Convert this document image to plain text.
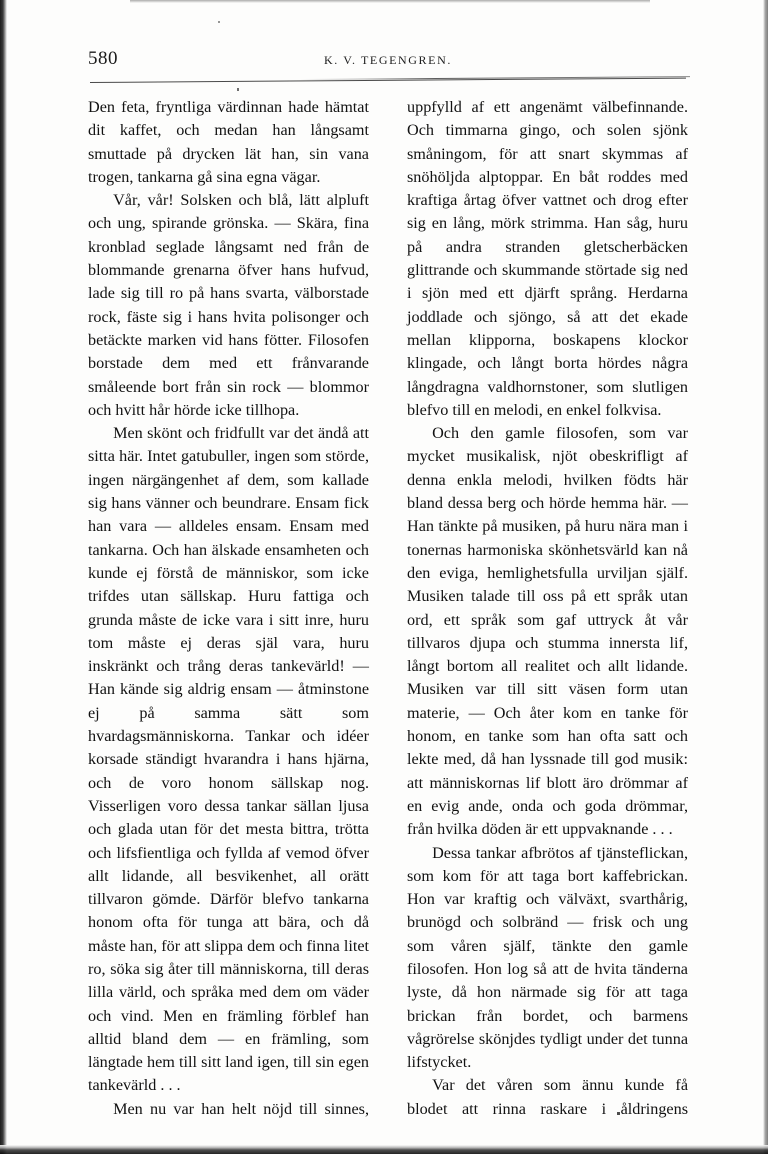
580	K. V. TEGENGREN.

Den feta, fryntliga värdinnan hade hämtat dit kaffet, och medan han långsamt smuttade på drycken lät han, sin vana trogen, tankarna gå sina egna vägar.

Vår, vår! Solsken och blå, lätt alpluft och ung, spirande grönska. — Skära, fina kronblad seglade långsamt ned från de blommande grenarna öfver hans hufvud, lade sig till ro på hans svarta, välborstade rock, fäste sig i hans hvita polisonger och betäckte marken vid hans fötter. Filosofen borstade dem med ett frånvarande småleende bort från sin rock — blommor och hvitt hår hörde icke tillhopa.

Men skönt och fridfullt var det ändå att sitta här. Intet gatubuller, ingen som störde, ingen närgängenhet af dem, som kallade sig hans vänner och beundrare. Ensam fick han vara — alldeles ensam. Ensam med tankarna. Och han älskade ensamheten och kunde ej förstå de människor, som icke trifdes utan sällskap. Huru fattiga och grunda måste de icke vara i sitt inre, huru tom måste ej deras själ vara, huru inskränkt och trång deras tankevärld! — Han kände sig aldrig ensam — åtminstone ej på samma sätt som hvardagsmänniskorna. Tankar och idéer korsade ständigt hvarandra i hans hjärna, och de voro honom sällskap nog. Visserligen voro dessa tankar sällan ljusa och glada utan för det mesta bittra, trötta och lifsfientliga och fyllda af vemod öfver allt lidande, all besvikenhet, all orätt tillvaron gömde. Därför blefvo tankarna honom ofta för tunga att bära, och då måste han, för att slippa dem och finna litet ro, söka sig åter till människorna, till deras lilla värld, och språka med dem om väder och vind. Men en främling förblef han alltid bland dem — en främling, som längtade hem till sitt land igen, till sin egen tankevärld . . .

Men nu var han helt nöjd till sinnes,

uppfylld af ett angenämt välbefinnande. Och timmarna gingo, och solen sjönk småningom, för att snart skymmas af snöhöljda alptoppar. En båt roddes med kraftiga årtag öfver vattnet och drog efter sig en lång, mörk strimma. Han såg, huru på andra stranden gletscherbäcken glittrande och skummande störtade sig ned i sjön med ett djärft språng. Herdarna joddlade och sjöngo, så att det ekade mellan klipporna, boskapens klockor klingade, och långt borta hördes några långdragna valdhornstoner, som slutligen blefvo till en melodi, en enkel folkvisa.

Och den gamle filosofen, som var mycket musikalisk, njöt obeskrifligt af denna enkla melodi, hvilken födts här bland dessa berg och hörde hemma här. — Han tänkte på musiken, på huru nära man i tonernas harmoniska skönhetsvärld kan nå den eviga, hemlighetsfulla urviljan själf. Musiken talade till oss på ett språk utan ord, ett språk som gaf uttryck åt vår tillvaros djupa och stumma innersta lif, långt bortom all realitet och allt lidande. Musiken var till sitt väsen form utan materie, — Och åter kom en tanke för honom, en tanke som han ofta satt och lekte med, då han lyssnade till god musik: att människornas lif blott äro drömmar af en evig ande, onda och goda drömmar, från hvilka döden är ett uppvaknande . . .

Dessa tankar afbrötos af tjänsteflickan, som kom för att taga bort kaffebrickan. Hon var kraftig och välväxt, svarthårig, brunögd och solbränd — frisk och ung som våren själf, tänkte den gamle filosofen. Hon log så att de hvita tänderna lyste, då hon närmade sig för att taga brickan från bordet, och barmens vågrörelse skönjdes tydligt under det tunna lifstycket.

Var det våren som ännu kunde få blodet att rinna raskare i åldringens
